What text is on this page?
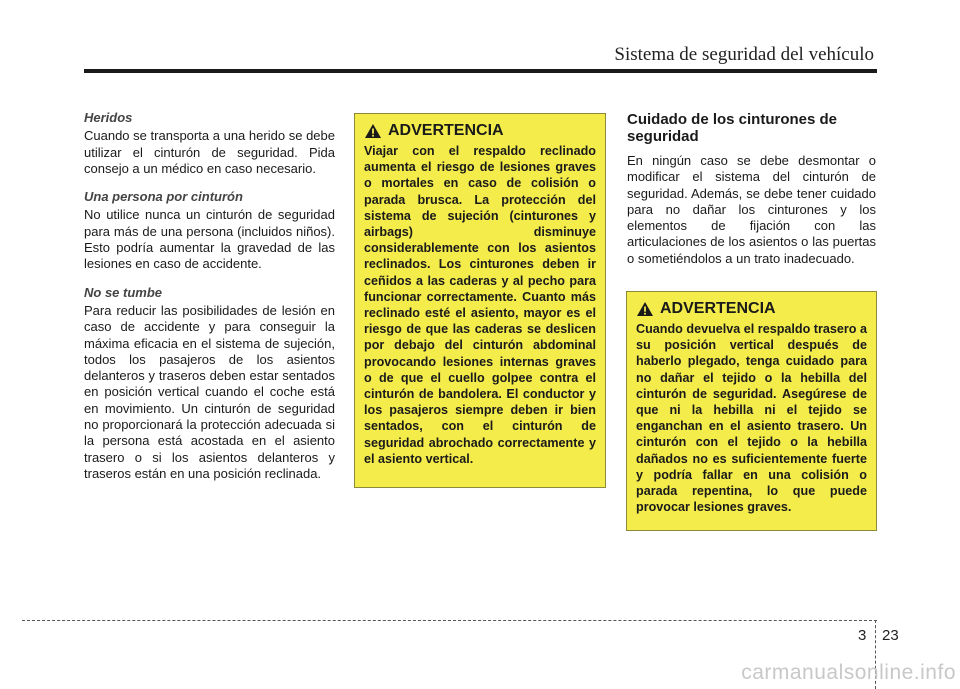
Sistema de seguridad del vehículo
Heridos

Cuando se transporta a una herido se debe utilizar el cinturón de seguridad. Pida consejo a un médico en caso necesario.

Una persona por cinturón

No utilice nunca un cinturón de seguridad para más de una persona (incluidos niños). Esto podría aumentar la gravedad de las lesiones en caso de accidente.

No se tumbe

Para reducir las posibilidades de lesión en caso de accidente y para conseguir la máxima eficacia en el sistema de sujeción, todos los pasajeros de los asientos delanteros y traseros deben estar sentados en posición vertical cuando el coche está en movimiento. Un cinturón de seguridad no proporcionará la protección adecuada si la persona está acostada en el asiento trasero o si los asientos delanteros y traseros están en una posición reclinada.

ADVERTENCIA

Viajar con el respaldo reclinado aumenta el riesgo de lesiones graves o mortales en caso de colisión o parada brusca. La protección del sistema de sujeción (cinturones y airbags) disminuye considerablemente con los asientos reclinados. Los cinturones deben ir ceñidos a las caderas y al pecho para funcionar correctamente. Cuanto más reclinado esté el asiento, mayor es el riesgo de que las caderas se deslicen por debajo del cinturón abdominal provocando lesiones internas graves o de que el cuello golpee contra el cinturón de bandolera. El conductor y los pasajeros siempre deben ir bien sentados, con el cinturón de seguridad abrochado correctamente y el asiento vertical.

Cuidado de los cinturones de seguridad

En ningún caso se debe desmontar o modificar el sistema del cinturón de seguridad. Además, se debe tener cuidado para no dañar los cinturones y los elementos de fijación con las articulaciones de los asientos o las puertas o sometiéndolos a un trato inadecuado.

ADVERTENCIA

Cuando devuelva el respaldo trasero a su posición vertical después de haberlo plegado, tenga cuidado para no dañar el tejido o la hebilla del cinturón de seguridad. Asegúrese de que ni la hebilla ni el tejido se enganchan en el asiento trasero. Un cinturón con el tejido o la hebilla dañados no es suficientemente fuerte y podría fallar en una colisión o parada repentina, lo que puede provocar lesiones graves.

3 23
carmanualsonline.info
